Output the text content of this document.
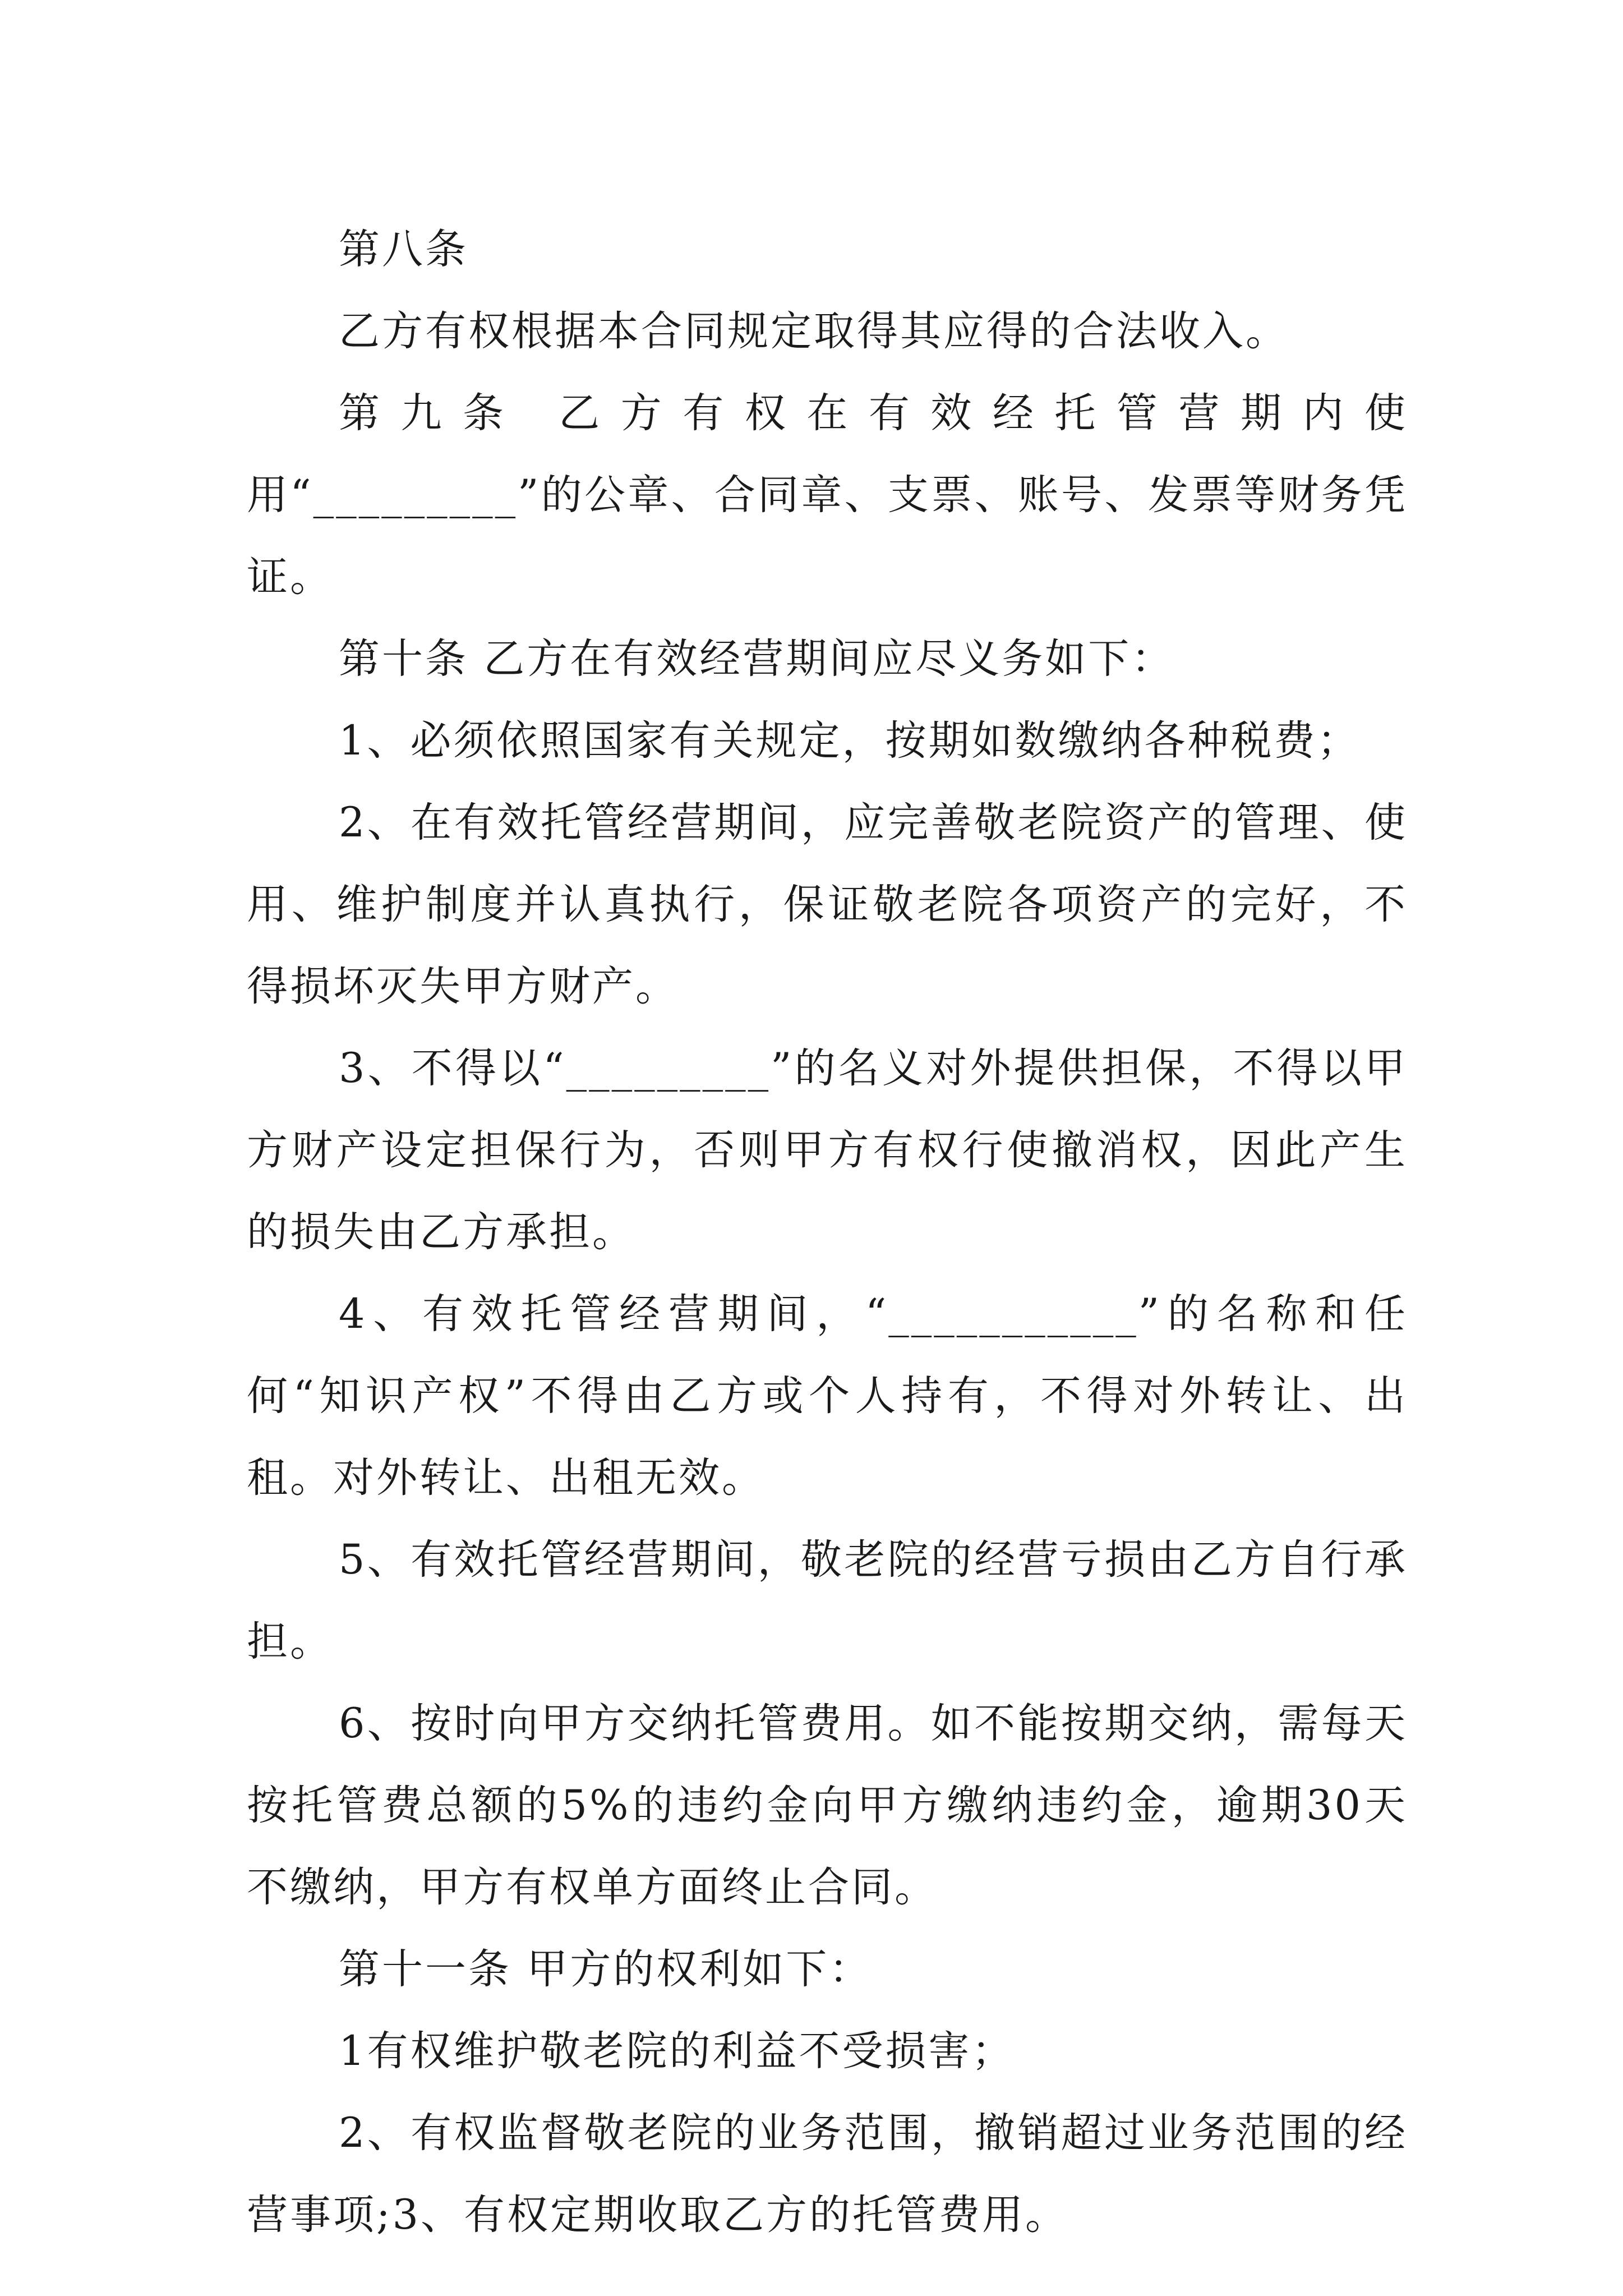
第八条

乙方有权根据本合同规定取得其应得的合法收入。

第九条 乙方有权在有效经托管营期内使用“_________”的公章、合同章、支票、账号、发票等财务凭证。

第十条 乙方在有效经营期间应尽义务如下：

1、必须依照国家有关规定，按期如数缴纳各种税费；

2、在有效托管经营期间，应完善敬老院资产的管理、使用、维护制度并认真执行，保证敬老院各项资产的完好，不得损坏灭失甲方财产。

3、不得以“_________”的名义对外提供担保，不得以甲方财产设定担保行为，否则甲方有权行使撤消权，因此产生的损失由乙方承担。

4、有效托管经营期间，“___________”的名称和任何“知识产权”不得由乙方或个人持有，不得对外转让、出租。对外转让、出租无效。

5、有效托管经营期间，敬老院的经营亏损由乙方自行承担。

6、按时向甲方交纳托管费用。如不能按期交纳，需每天按托管费总额的5%的违约金向甲方缴纳违约金，逾期30天不缴纳，甲方有权单方面终止合同。

第十一条 甲方的权利如下：

1有权维护敬老院的利益不受损害；

2、有权监督敬老院的业务范围，撤销超过业务范围的经营事项;3、有权定期收取乙方的托管费用。
